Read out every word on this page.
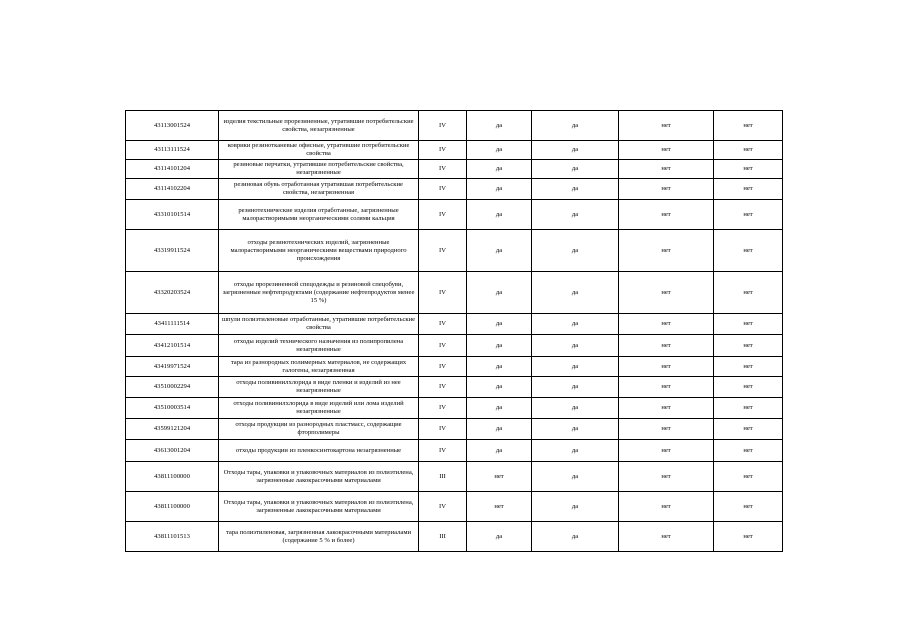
43113001524	изделия текстильные прорезиненные, утратившие потребительские свойства, незагрязненные	IV	да	да	нет	нет
43113111524	коврики резинотканевые офисные, утратившие потребительские свойства	IV	да	да	нет	нет
43114101204	резиновые перчатки, утратившие потребительские свойства, незагрязненные	IV	да	да	нет	нет
43114102204	резиновая обувь отработанная утратившая потребительские свойства, незагрязненная	IV	да	да	нет	нет
43310101514	резинотехнические изделия отработанные, загрязненные малорастворимыми неорганическими солями кальция	IV	да	да	нет	нет
43319911524	отходы резинотехнических изделий, загрязненные малорастворимыми неорганическими веществами природного происхождения	IV	да	да	нет	нет
43320203524	отходы прорезиненной спецодежды и резиновой спецобуви, загрязненные нефтепродуктами (содержание нефтепродуктов менее 15 %)	IV	да	да	нет	нет
43411111514	шпули полиэтиленовые отработанные, утратившие потребительские свойства	IV	да	да	нет	нет
43412101514	отходы изделий технического назначения из полипропилена незагрязненные	IV	да	да	нет	нет
43419971524	тара из разнородных полимерных материалов, не содержащих галогены, незагрязненная	IV	да	да	нет	нет
43510002294	отходы поливинилхлорида в виде пленки и изделий из нее незагрязненные	IV	да	да	нет	нет
43510003514	отходы поливинилхлорида в виде изделий или лома изделий незагрязненные	IV	да	да	нет	нет
43599121204	отходы продукции из разнородных пластмасс, содержащие фторполимеры	IV	да	да	нет	нет
43613001204	отходы продукции из пленкосинтокартона незагрязненные	IV	да	да	нет	нет
43811100000	Отходы тары, упаковки и упаковочных материалов из полиэтилена, загрязненные лакокрасочными материалами	III	нет	да	нет	нет
43811100000	Отходы тары, упаковки и упаковочных материалов из полиэтилена, загрязненные лакокрасочными материалами	IV	нет	да	нет	нет
43811101513	тара полиэтиленовая, загрязненная лакокрасочными материалами (содержание 5 % и более)	III	да	да	нет	нет
